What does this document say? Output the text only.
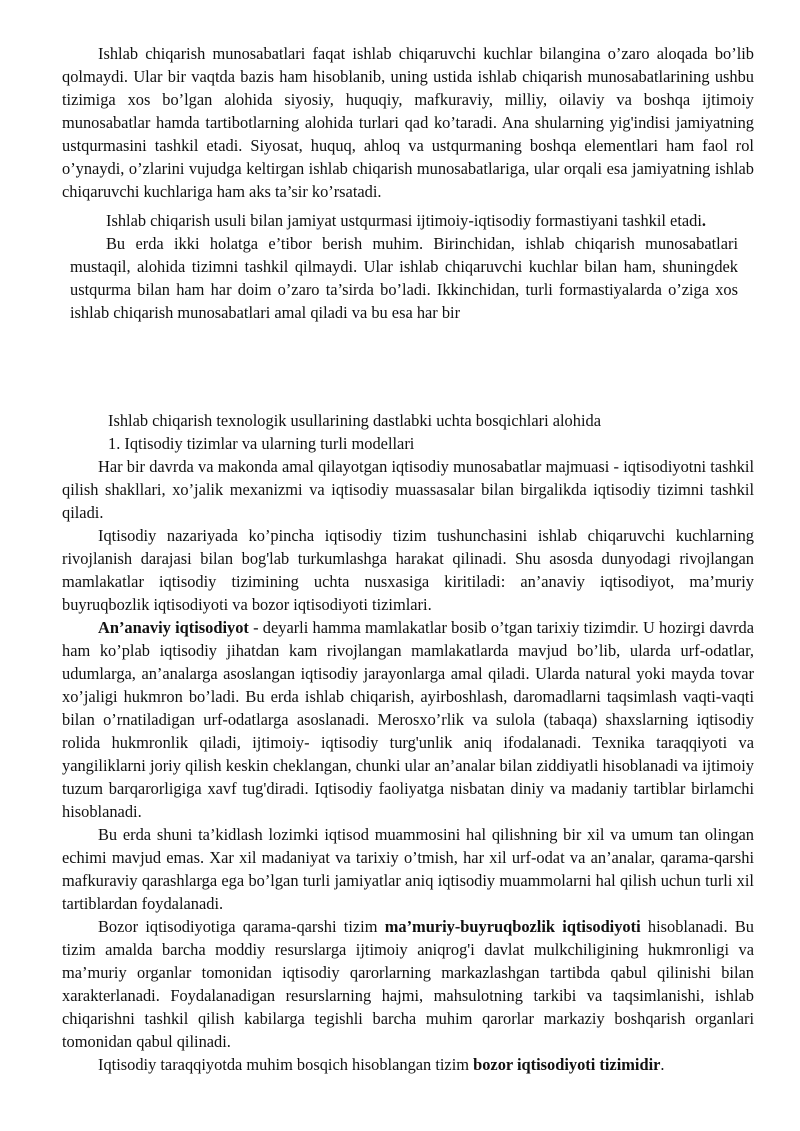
Ishlab chiqarish munosabatlari faqat ishlab chiqaruvchi kuchlar bilangina o’zaro aloqada bo’lib qolmaydi. Ular bir vaqtda bazis ham hisoblanib, uning ustida ishlab chiqarish munosabatlarining ushbu tizimiga xos bo’lgan alohida siyosiy, huquqiy, mafkuraviy, milliy, oilaviy va boshqa ijtimoiy munosabatlar hamda tartibotlarning alohida turlari qad ko’taradi. Ana shularning yig'indisi jamiyatning ustqurmasini tashkil etadi. Siyosat, huquq, ahloq va ustqurmaning boshqa elementlari ham faol rol o’ynaydi, o’zlarini vujudga keltirgan ishlab chiqarish munosabatlariga, ular orqali esa jamiyatning ishlab chiqaruvchi kuchlariga ham aks ta’sir ko’rsatadi.

Ishlab chiqarish usuli bilan jamiyat ustqurmasi ijtimoiy-iqtisodiy formastiyani tashkil etadi.

Bu erda ikki holatga e’tibor berish muhim. Birinchidan, ishlab chiqarish munosabatlari mustaqil, alohida tizimni tashkil qilmaydi. Ular ishlab chiqaruvchi kuchlar bilan ham, shuningdek ustqurma bilan ham har doim o’zaro ta’sirda bo’ladi. Ikkinchidan, turli formastiyalarda o’ziga xos ishlab chiqarish munosabatlari amal qiladi va bu esa har bir

Ishlab chiqarish texnologik usullarining dastlabki uchta bosqichlari alohida

1. Iqtisodiy tizimlar va ularning turli modellari

Har bir davrda va makonda amal qilayotgan iqtisodiy munosabatlar majmuasi - iqtisodiyotni tashkil qilish shakllari, xo’jalik mexanizmi va iqtisodiy muassasalar bilan birgalikda iqtisodiy tizimni tashkil qiladi.

Iqtisodiy nazariyada ko’pincha iqtisodiy tizim tushunchasini ishlab chiqaruvchi kuchlarning rivojlanish darajasi bilan bog'lab turkumlashga harakat qilinadi. Shu asosda dunyodagi rivojlangan mamlakatlar iqtisodiy tizimining uchta nusxasiga kiritiladi: an’anaviy iqtisodiyot, ma’muriy buyruqbozlik iqtisodiyoti va bozor iqtisodiyoti tizimlari.

An’anaviy iqtisodiyot - deyarli hamma mamlakatlar bosib o’tgan tarixiy tizimdir. U hozirgi davrda ham ko’plab iqtisodiy jihatdan kam rivojlangan mamlakatlarda mavjud bo’lib, ularda urf-odatlar, udumlarga, an’analarga asoslangan iqtisodiy jarayonlarga amal qiladi. Ularda natural yoki mayda tovar xo’jaligi hukmron bo’ladi. Bu erda ishlab chiqarish, ayirboshlash, daromadlarni taqsimlash vaqti-vaqti bilan o’rnatiladigan urf-odatlarga asoslanadi. Merosxo’rlik va sulola (tabaqa) shaxslarning iqtisodiy rolida hukmronlik qiladi, ijtimoiy- iqtisodiy turg'unlik aniq ifodalanadi. Texnika taraqqiyoti va yangiliklarni joriy qilish keskin cheklangan, chunki ular an’analar bilan ziddiyatli hisoblanadi va ijtimoiy tuzum barqarorligiga xavf tug'diradi. Iqtisodiy faoliyatga nisbatan diniy va madaniy tartiblar birlamchi hisoblanadi.

Bu erda shuni ta’kidlash lozimki iqtisod muammosini hal qilishning bir xil va umum tan olingan echimi mavjud emas. Xar xil madaniyat va tarixiy o’tmish, har xil urf-odat va an’analar, qarama-qarshi mafkuraviy qarashlarga ega bo’lgan turli jamiyatlar aniq iqtisodiy muammolarni hal qilish uchun turli xil tartiblardan foydalanadi.

Bozor iqtisodiyotiga qarama-qarshi tizim ma’muriy-buyruqbozlik iqtisodiyoti hisoblanadi. Bu tizim amalda barcha moddiy resurslarga ijtimoiy aniqrog'i davlat mulkchiligining hukmronligi va ma’muriy organlar tomonidan iqtisodiy qarorlarning markazlashgan tartibda qabul qilinishi bilan xarakterlanadi. Foydalanadigan resurslarning hajmi, mahsulotning tarkibi va taqsimlanishi, ishlab chiqarishni tashkil qilish kabilarga tegishli barcha muhim qarorlar markaziy boshqarish organlari tomonidan qabul qilinadi.

Iqtisodiy taraqqiyotda muhim bosqich hisoblangan tizim bozor iqtisodiyoti tizimidir.
